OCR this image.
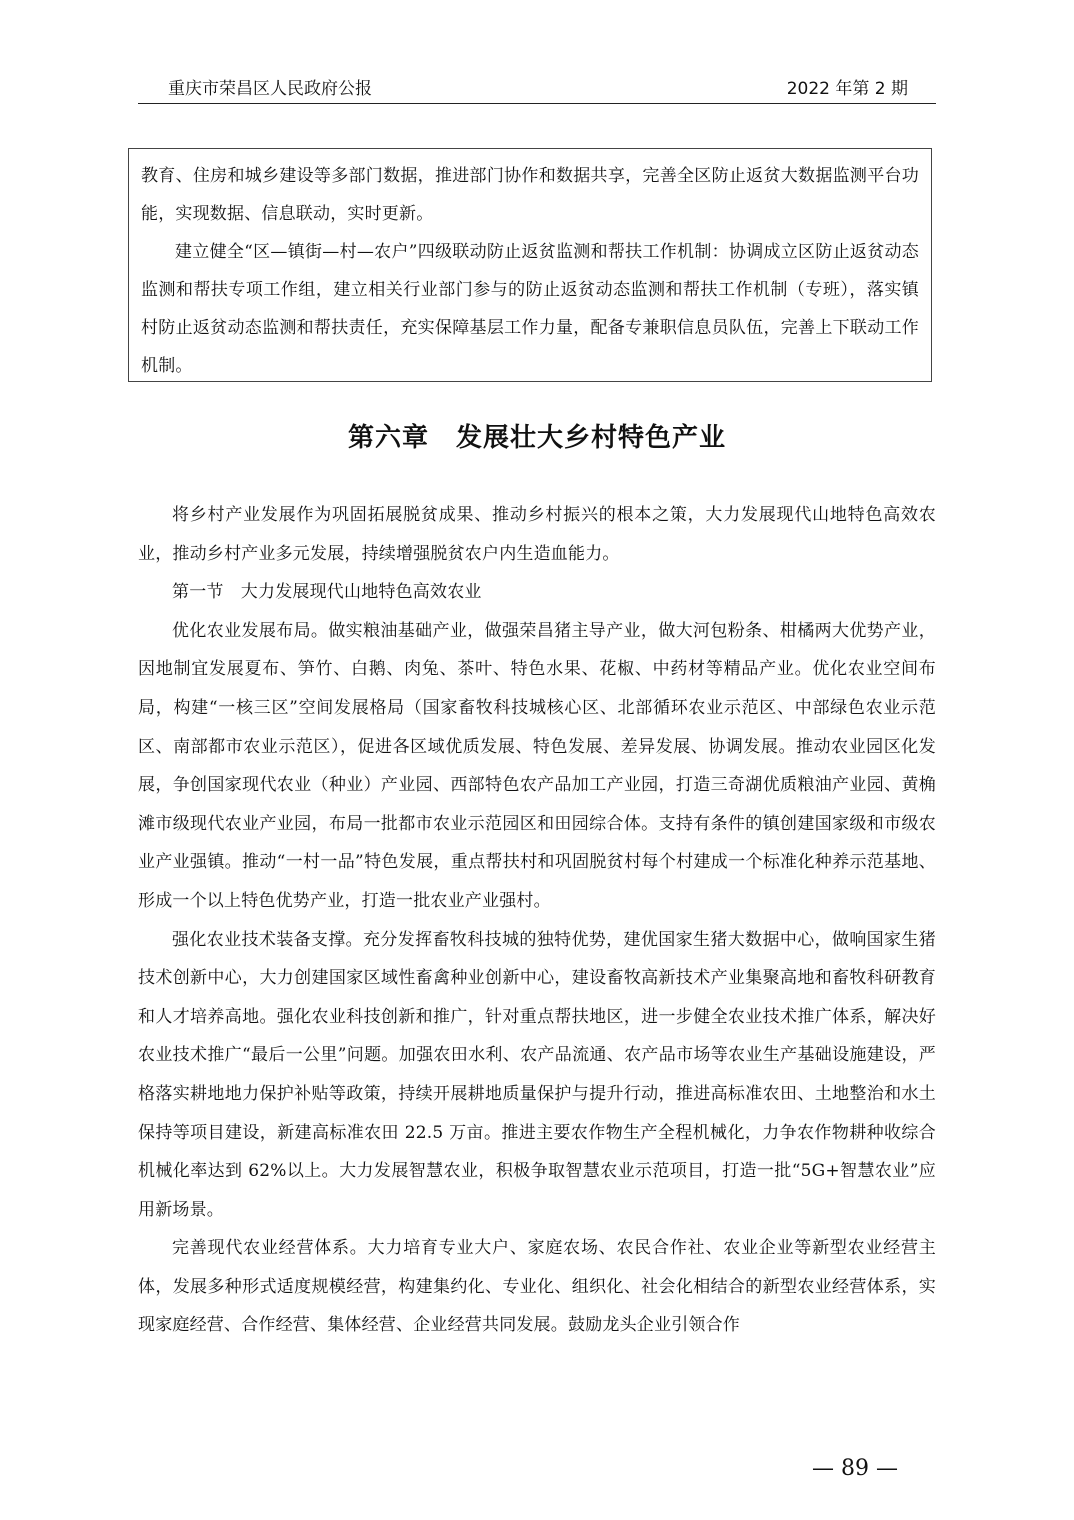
重庆市荣昌区人民政府公报	2022 年第 2 期

教育、住房和城乡建设等多部门数据，推进部门协作和数据共享，完善全区防止返贫大数据监测平台功能，实现数据、信息联动，实时更新。

建立健全“区—镇街—村—农户”四级联动防止返贫监测和帮扶工作机制：协调成立区防止返贫动态监测和帮扶专项工作组，建立相关行业部门参与的防止返贫动态监测和帮扶工作机制（专班），落实镇村防止返贫动态监测和帮扶责任，充实保障基层工作力量，配备专兼职信息员队伍，完善上下联动工作机制。

第六章　发展壮大乡村特色产业

将乡村产业发展作为巩固拓展脱贫成果、推动乡村振兴的根本之策，大力发展现代山地特色高效农业，推动乡村产业多元发展，持续增强脱贫农户内生造血能力。

第一节　大力发展现代山地特色高效农业

优化农业发展布局。做实粮油基础产业，做强荣昌猪主导产业，做大河包粉条、柑橘两大优势产业，因地制宜发展夏布、笋竹、白鹅、肉兔、茶叶、特色水果、花椒、中药材等精品产业。优化农业空间布局，构建“一核三区”空间发展格局（国家畜牧科技城核心区、北部循环农业示范区、中部绿色农业示范区、南部都市农业示范区），促进各区域优质发展、特色发展、差异发展、协调发展。推动农业园区化发展，争创国家现代农业（种业）产业园、西部特色农产品加工产业园，打造三奇湖优质粮油产业园、黄桷滩市级现代农业产业园，布局一批都市农业示范园区和田园综合体。支持有条件的镇创建国家级和市级农业产业强镇。推动“一村一品”特色发展，重点帮扶村和巩固脱贫村每个村建成一个标准化种养示范基地、形成一个以上特色优势产业，打造一批农业产业强村。

强化农业技术装备支撑。充分发挥畜牧科技城的独特优势，建优国家生猪大数据中心，做响国家生猪技术创新中心，大力创建国家区域性畜禽种业创新中心，建设畜牧高新技术产业集聚高地和畜牧科研教育和人才培养高地。强化农业科技创新和推广，针对重点帮扶地区，进一步健全农业技术推广体系，解决好农业技术推广“最后一公里”问题。加强农田水利、农产品流通、农产品市场等农业生产基础设施建设，严格落实耕地地力保护补贴等政策，持续开展耕地质量保护与提升行动，推进高标准农田、土地整治和水土保持等项目建设，新建高标准农田 22.5 万亩。推进主要农作物生产全程机械化，力争农作物耕种收综合机械化率达到 62%以上。大力发展智慧农业，积极争取智慧农业示范项目，打造一批“5G+智慧农业”应用新场景。

完善现代农业经营体系。大力培育专业大户、家庭农场、农民合作社、农业企业等新型农业经营主体，发展多种形式适度规模经营，构建集约化、专业化、组织化、社会化相结合的新型农业经营体系，实现家庭经营、合作经营、集体经营、企业经营共同发展。鼓励龙头企业引领合作

— 89 —
